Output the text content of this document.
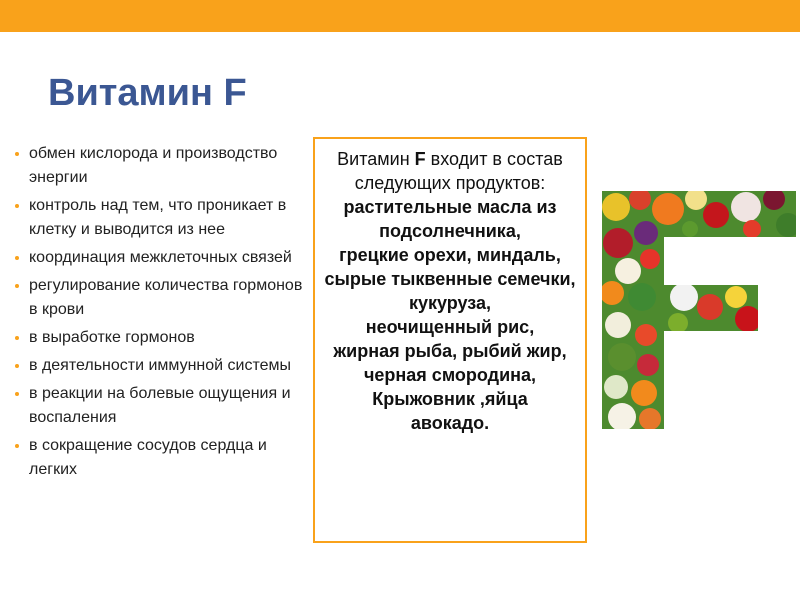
Витамин F
обмен кислорода и производство энергии
контроль над тем, что проникает в клетку и выводится из нее
координация межклеточных связей
регулирование количества гормонов в крови
в выработке гормонов
в деятельности иммунной системы
в реакции на болевые ощущения и воспаления
в сокращение сосудов сердца и легких
Витамин F входит в состав следующих продуктов:
растительные масла из подсолнечника,
грецкие орехи, миндаль,
сырые тыквенные семечки, кукуруза,
неочищенный рис,
жирная рыба, рыбий жир,
черная смородина,
Крыжовник ,яйца
авокадо.
